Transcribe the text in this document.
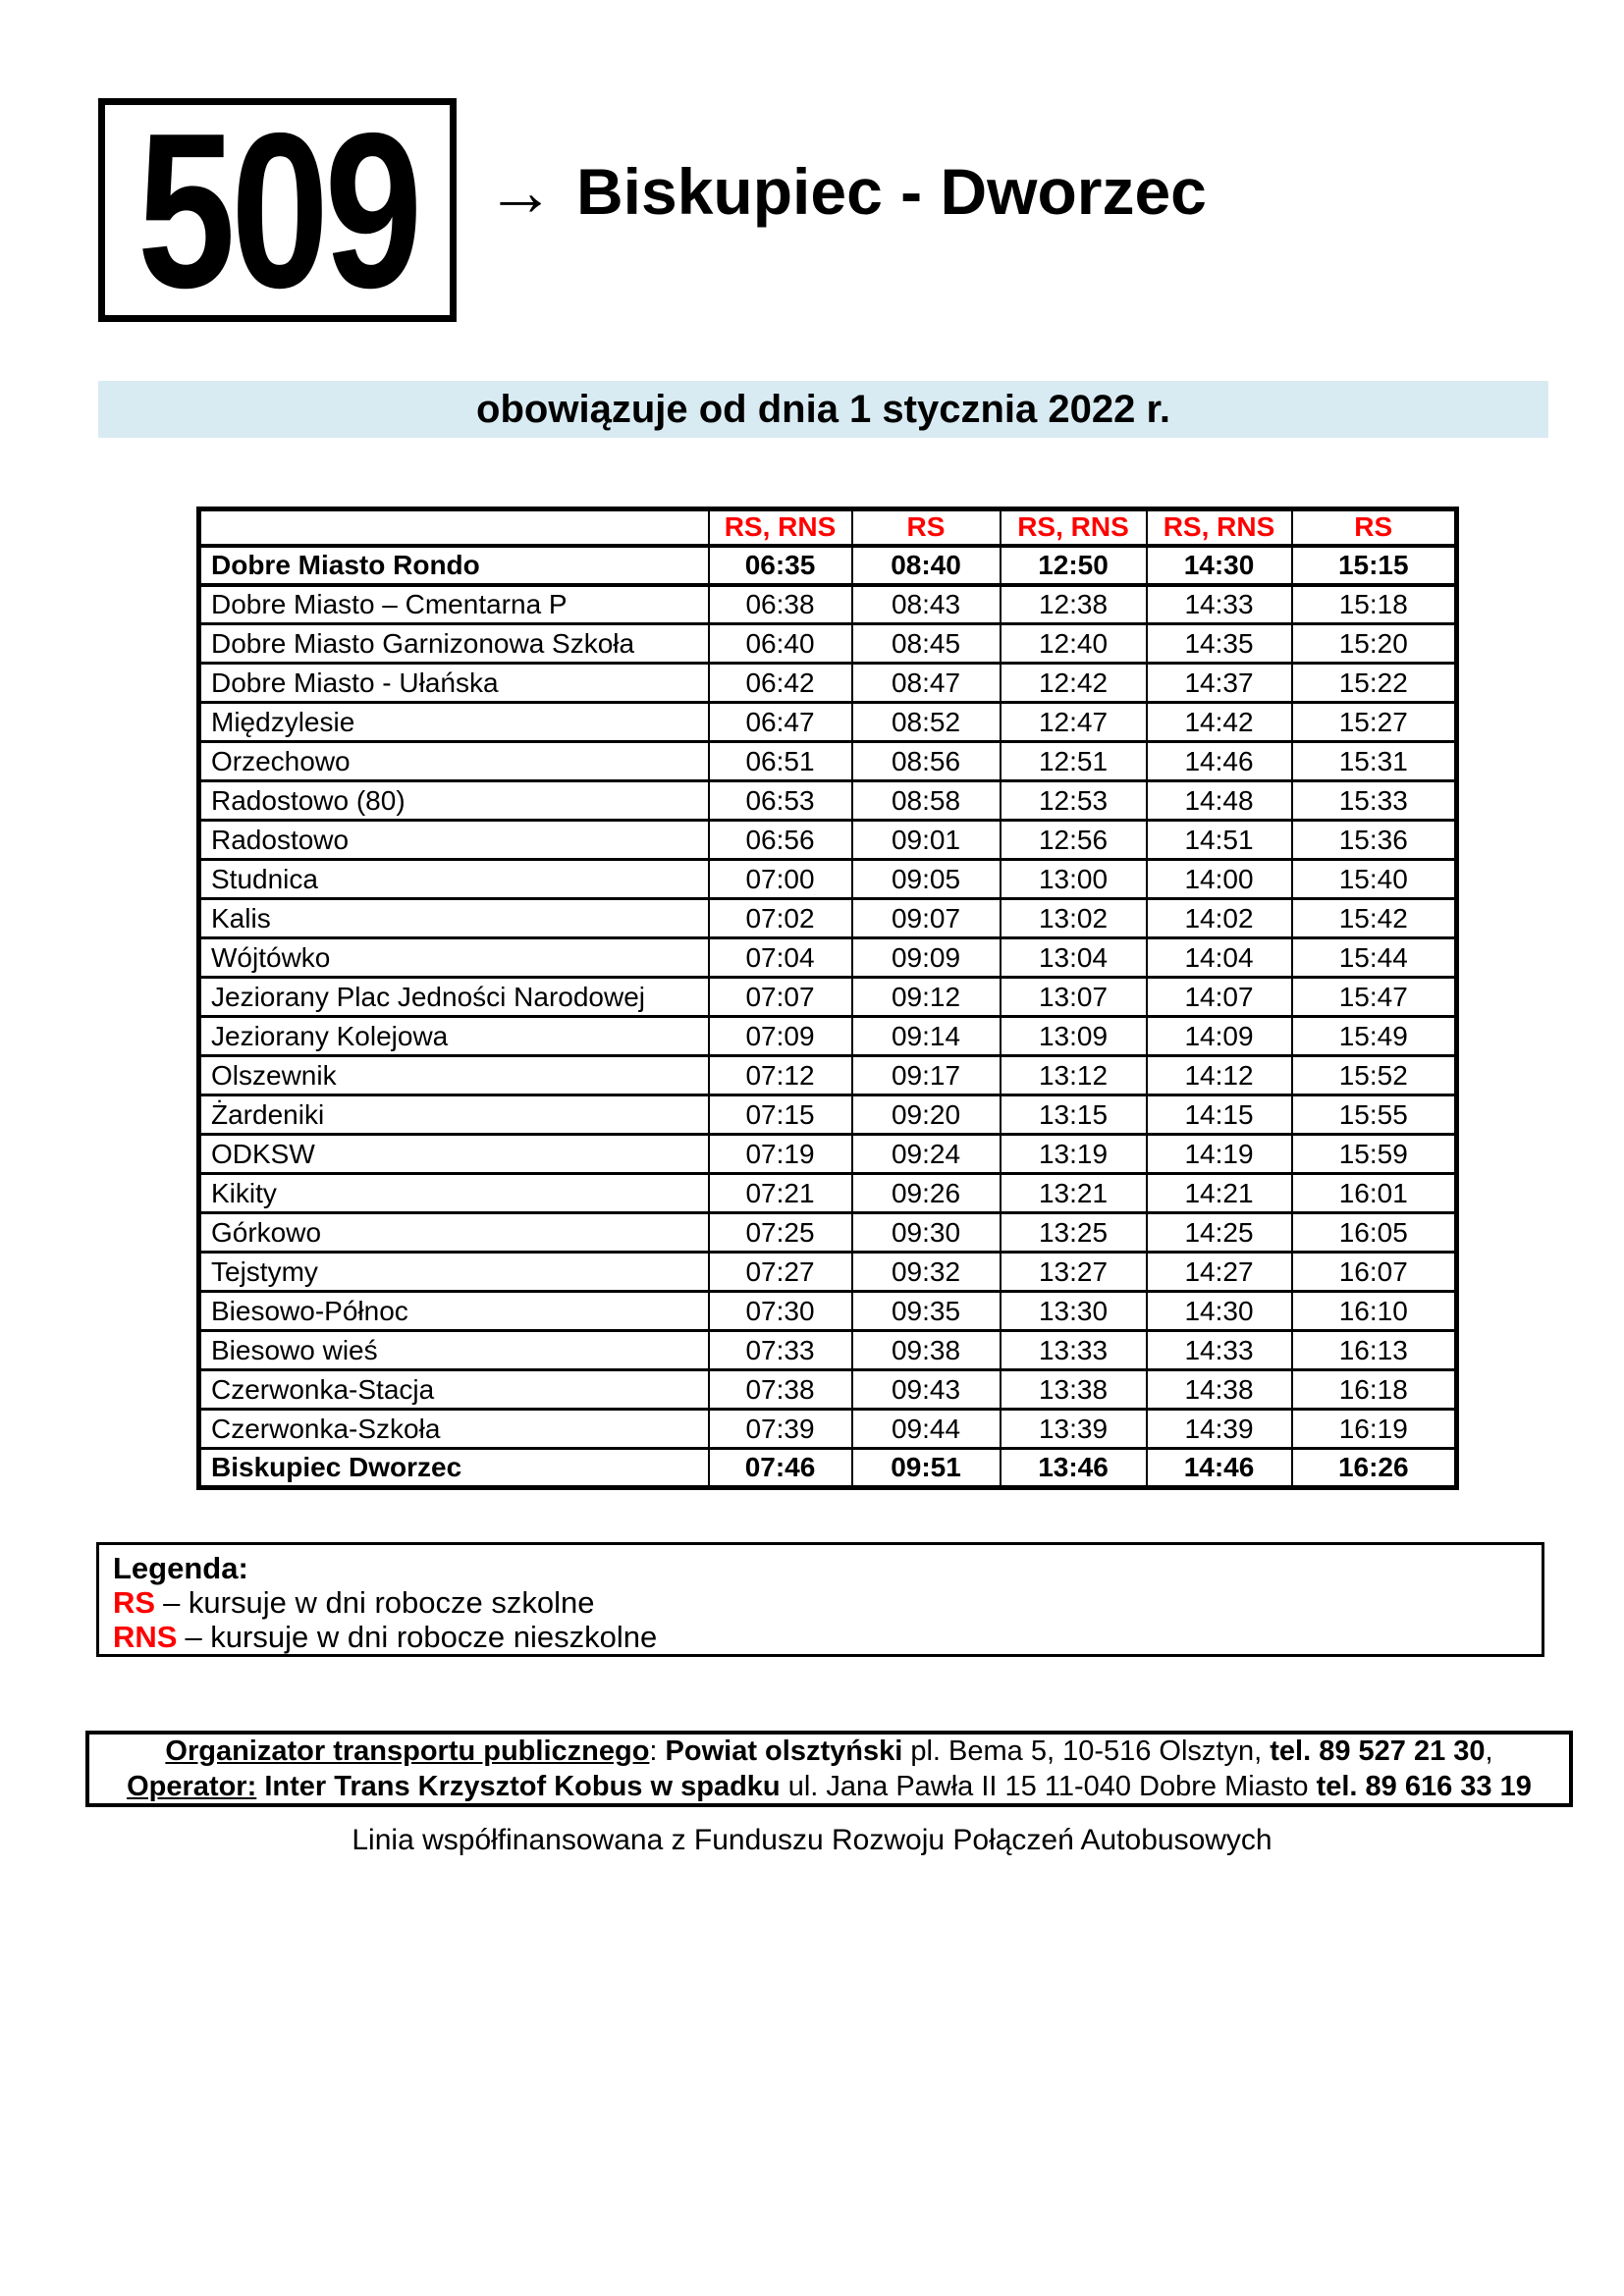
509 → Biskupiec - Dworzec
obowiązuje od dnia 1 stycznia 2022 r.
	RS, RNS	RS	RS, RNS	RS, RNS	RS
Dobre Miasto Rondo	06:35	08:40	12:50	14:30	15:15
Dobre Miasto – Cmentarna P	06:38	08:43	12:38	14:33	15:18
Dobre Miasto Garnizonowa Szkoła	06:40	08:45	12:40	14:35	15:20
Dobre Miasto - Ułańska	06:42	08:47	12:42	14:37	15:22
Międzylesie	06:47	08:52	12:47	14:42	15:27
Orzechowo	06:51	08:56	12:51	14:46	15:31
Radostowo (80)	06:53	08:58	12:53	14:48	15:33
Radostowo	06:56	09:01	12:56	14:51	15:36
Studnica	07:00	09:05	13:00	14:00	15:40
Kalis	07:02	09:07	13:02	14:02	15:42
Wójtówko	07:04	09:09	13:04	14:04	15:44
Jeziorany Plac Jedności Narodowej	07:07	09:12	13:07	14:07	15:47
Jeziorany Kolejowa	07:09	09:14	13:09	14:09	15:49
Olszewnik	07:12	09:17	13:12	14:12	15:52
Żardeniki	07:15	09:20	13:15	14:15	15:55
ODKSW	07:19	09:24	13:19	14:19	15:59
Kikity	07:21	09:26	13:21	14:21	16:01
Górkowo	07:25	09:30	13:25	14:25	16:05
Tejstymy	07:27	09:32	13:27	14:27	16:07
Biesowo-Północ	07:30	09:35	13:30	14:30	16:10
Biesowo wieś	07:33	09:38	13:33	14:33	16:13
Czerwonka-Stacja	07:38	09:43	13:38	14:38	16:18
Czerwonka-Szkoła	07:39	09:44	13:39	14:39	16:19
Biskupiec Dworzec	07:46	09:51	13:46	14:46	16:26
Legenda:
RS – kursuje w dni robocze szkolne
RNS – kursuje w dni robocze nieszkolne
Organizator transportu publicznego: Powiat olsztyński pl. Bema 5, 10-516 Olsztyn, tel. 89 527 21 30,
Operator: Inter Trans Krzysztof Kobus w spadku ul. Jana Pawła II 15 11-040 Dobre Miasto tel. 89 616 33 19
Linia współfinansowana z Funduszu Rozwoju Połączeń Autobusowych
